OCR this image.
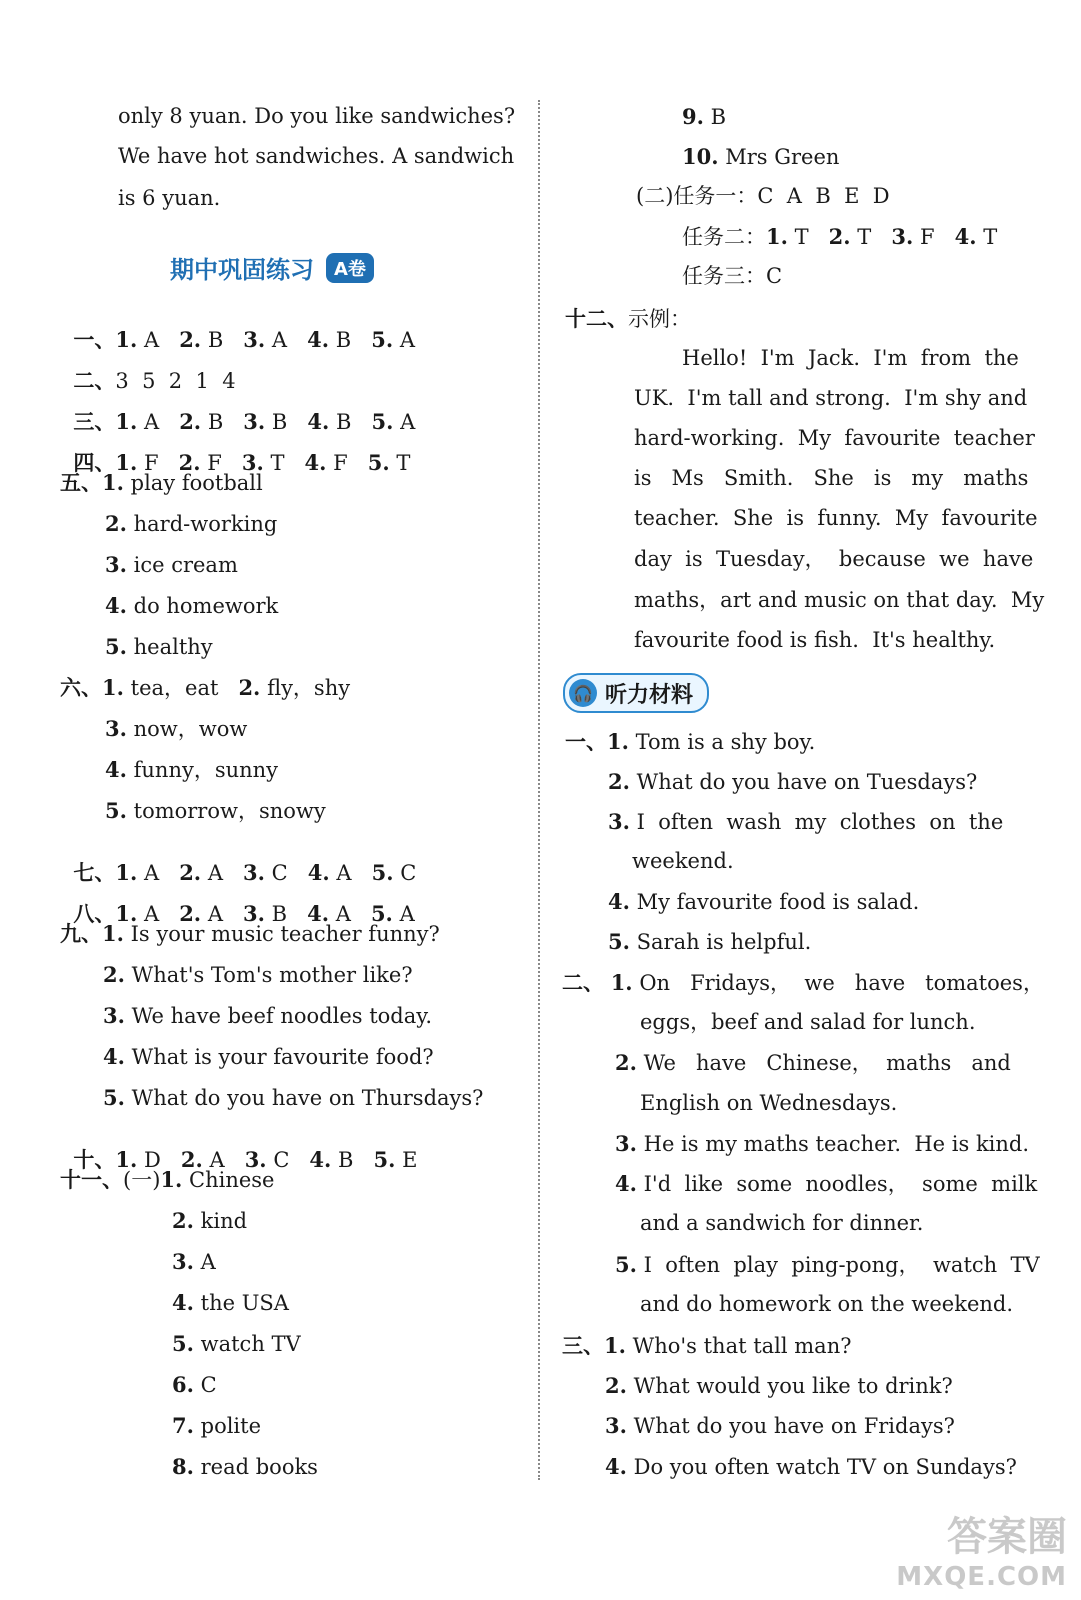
only 8 yuan. Do you like sandwiches?
We have hot sandwiches. A sandwich
is 6 yuan.
期中巩固练习	A卷

一、1. A 2. B 3. A 4. B 5. A

二、3  5  2  1  4

三、1. A 2. B 3. B 4. B 5. A

四、1. F 2. F 3. T 4. F 5. T

五、1. play football
2. hard-working
3. ice cream
4. do homework
5. healthy
六、1. tea，eat 2. fly，shy
3. now，wow
4. funny，sunny
5. tomorrow，snowy

七、1. A 2. A 3. C 4. A 5. C

八、1. A 2. A 3. B 4. A 5. A

九、1. Is your music teacher funny?
2. What's Tom's mother like?
3. We have beef noodles today.
4. What is your favourite food?
5. What do you have on Thursdays?

十、1. D 2. A 3. C 4. B 5. E

十一、(一)1. Chinese
2. kind
3. A
4. the USA
5. watch TV
6. C
7. polite
8. read books
9. B
10. Mrs Green
(二)任务一：C  A  B  E  D
任务二：1. T 2. T 3. F 4. T
任务三：C
十二、示例：
Hello!  I'm  Jack.  I'm  from  the
UK.  I'm tall and strong.  I'm shy and
hard-working.  My  favourite  teacher
is   Ms   Smith.   She   is   my   maths
teacher.  She  is  funny.  My  favourite
day  is  Tuesday，  because  we  have
maths，art and music on that day.  My
favourite food is fish.  It's healthy.
🎧 听力材料
一、1. Tom is a shy boy.
2. What do you have on Tuesdays?
3. I  often  wash  my  clothes  on  the
weekend.
4. My favourite food is salad.
5. Sarah is helpful.
二、 1. On   Fridays，  we   have   tomatoes，
eggs，beef and salad for lunch.
2. We   have   Chinese，  maths   and
English on Wednesdays.
3. He is my maths teacher.  He is kind.
4. I'd  like  some  noodles，  some  milk
and a sandwich for dinner.
5. I  often  play  ping-pong，  watch  TV
and do homework on the weekend.
三、1. Who's that tall man?
2. What would you like to drink?
3. What do you have on Fridays?
4. Do you often watch TV on Sundays?
答案圈
MXQE.COM
